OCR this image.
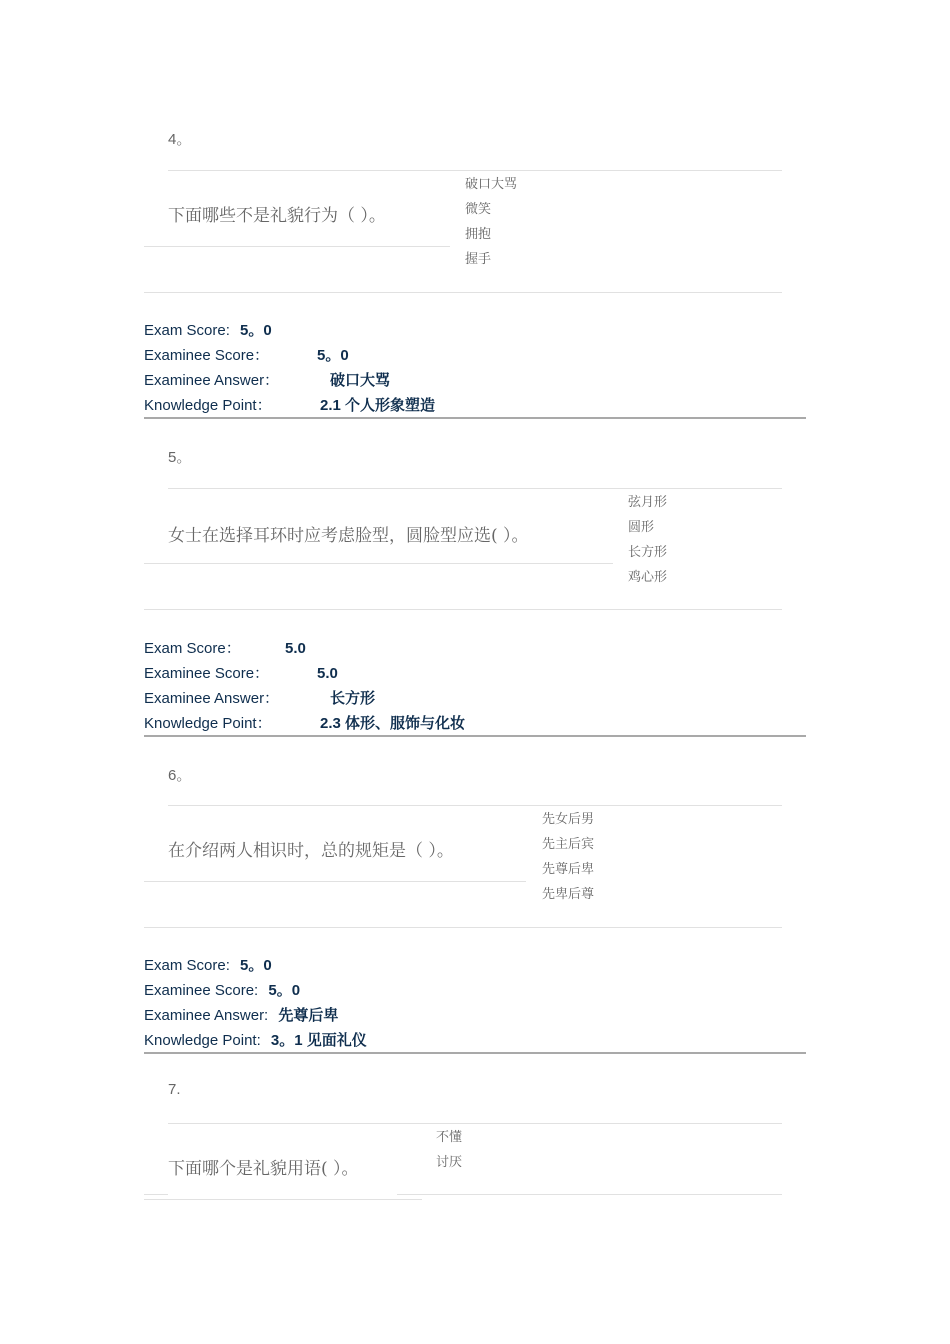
4。
下面哪些不是礼貌行为（ ）。
破口大骂
微笑
拥抱
握手
Exam Score: 5。0
Examinee Score：	5。0
Examinee Answer：	破口大骂
Knowledge Point：	2.1 个人形象塑造
5。
女士在选择耳环时应考虑脸型，圆脸型应选( ）。
弦月形
圆形
长方形
鸡心形
Exam Score：	5.0
Examinee Score：	5.0
Examinee Answer：	长方形
Knowledge Point：	2.3 体形、服饰与化妆
6。
在介绍两人相识时，总的规矩是（ ）。
先女后男
先主后宾
先尊后卑
先卑后尊
Exam Score: 5。0
Examinee Score: 5。0
Examinee Answer: 先尊后卑
Knowledge Point: 3。1 见面礼仪
7.
下面哪个是礼貌用语( ）。
不懂
讨厌
